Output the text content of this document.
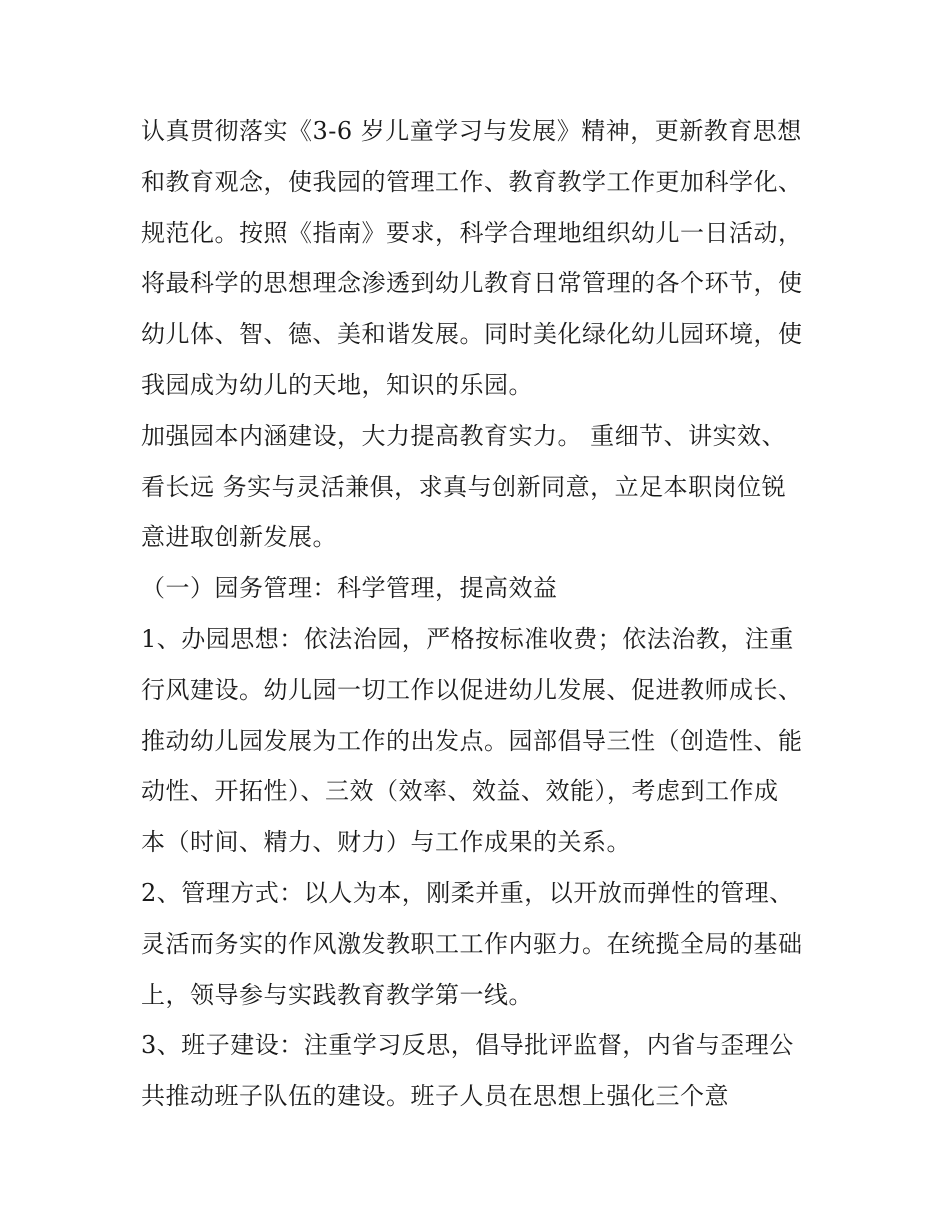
认真贯彻落实《3-6 岁儿童学习与发展》精神，更新教育思想
和教育观念，使我园的管理工作、教育教学工作更加科学化、
规范化。按照《指南》要求，科学合理地组织幼儿一日活动，
将最科学的思想理念渗透到幼儿教育日常管理的各个环节，使
幼儿体、智、德、美和谐发展。同时美化绿化幼儿园环境，使
我园成为幼儿的天地，知识的乐园。
加强园本内涵建设，大力提高教育实力。 重细节、讲实效、
看长远 务实与灵活兼俱，求真与创新同意，立足本职岗位锐
意进取创新发展。
（一）园务管理：科学管理，提高效益
1、办园思想：依法治园，严格按标准收费；依法治教，注重
行风建设。幼儿园一切工作以促进幼儿发展、促进教师成长、
推动幼儿园发展为工作的出发点。园部倡导三性（创造性、能
动性、开拓性）、三效（效率、效益、效能），考虑到工作成
本（时间、精力、财力）与工作成果的关系。
2、管理方式：以人为本，刚柔并重，以开放而弹性的管理、
灵活而务实的作风激发教职工工作内驱力。在统揽全局的基础
上，领导参与实践教育教学第一线。
3、班子建设：注重学习反思，倡导批评监督，内省与歪理公
共推动班子队伍的建设。班子人员在思想上强化三个意
